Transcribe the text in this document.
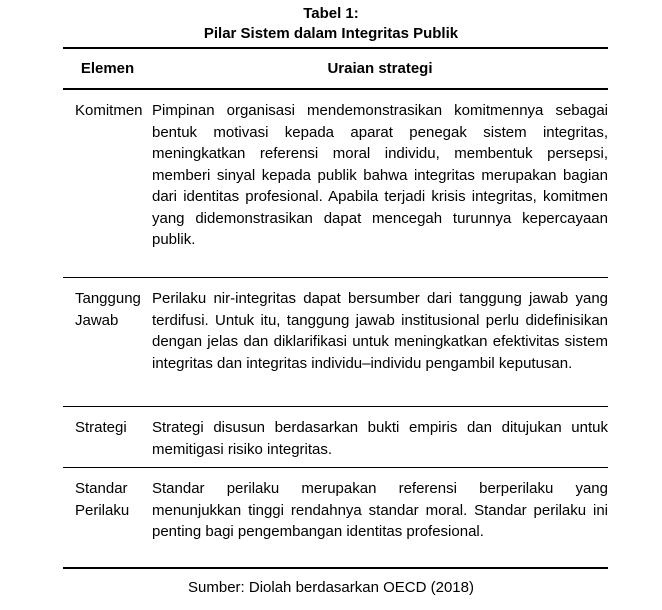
Tabel 1:
Pilar Sistem dalam Integritas Publik
Elemen	Uraian strategi
Komitmen Pimpinan organisasi mendemonstrasikan komitmennya sebagai bentuk motivasi kepada aparat penegak sistem integritas, meningkatkan referensi moral individu, membentuk persepsi, memberi sinyal kepada publik bahwa integritas merupakan bagian dari identitas profesional. Apabila terjadi krisis integritas, komitmen yang didemonstrasikan dapat mencegah turunnya kepercayaan publik.
Tanggung Jawab
Perilaku nir-integritas dapat bersumber dari tanggung jawab yang terdifusi. Untuk itu, tanggung jawab institusional perlu didefinisikan dengan jelas dan diklarifikasi untuk meningkatkan efektivitas sistem integritas dan integritas individu–individu pengambil keputusan.
Strategi	Strategi disusun berdasarkan bukti empiris dan ditujukan untuk memitigasi risiko integritas.
Standar Perilaku
Standar perilaku merupakan referensi berperilaku yang menunjukkan tinggi rendahnya standar moral. Standar perilaku ini penting bagi pengembangan identitas profesional.
Sumber: Diolah berdasarkan OECD (2018)
